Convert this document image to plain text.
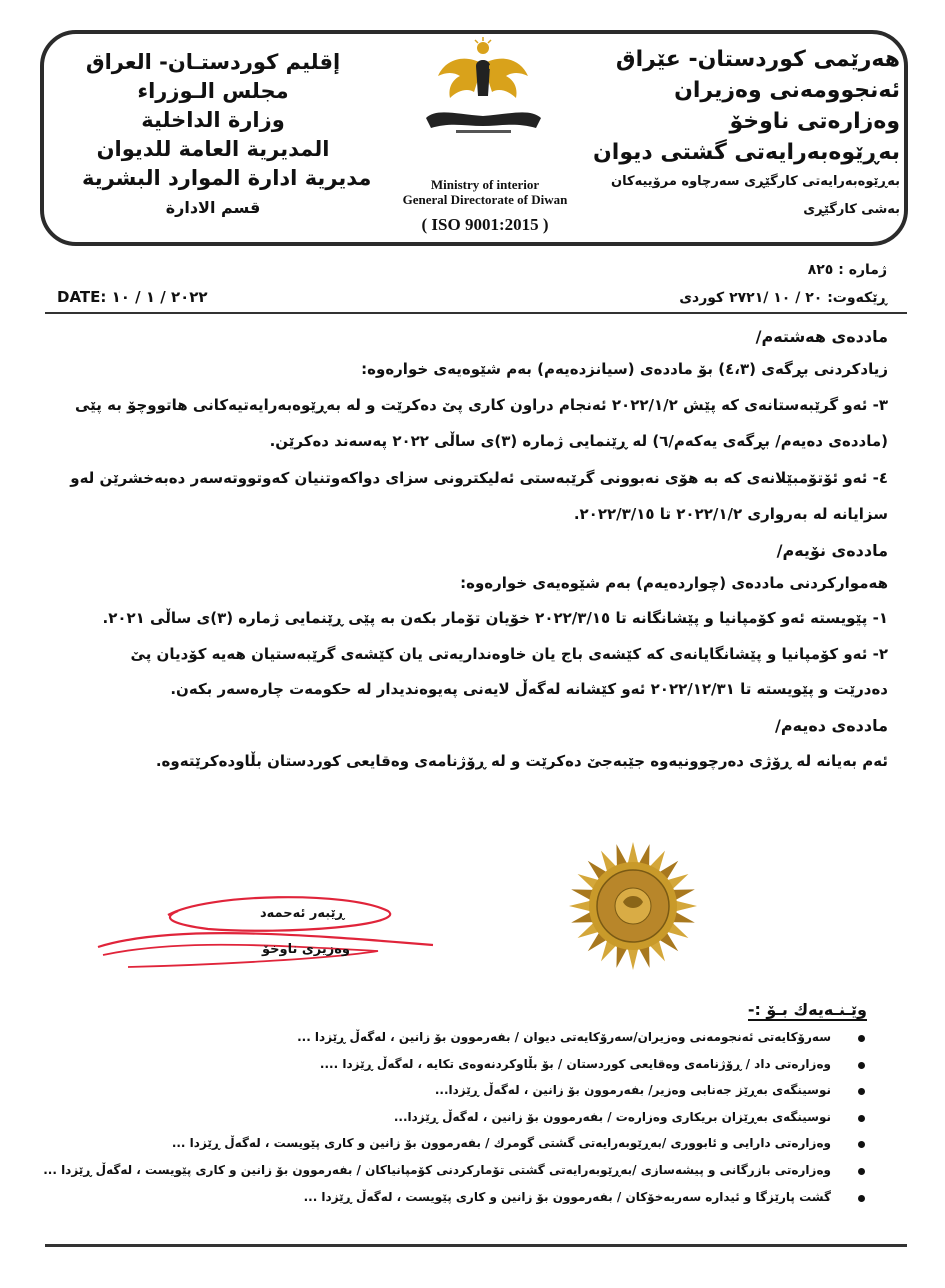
إقليم كوردستـان- العراق
مجلس الـوزراء
وزارة الداخلية
المديرية العامة للديوان
مديرية ادارة الموارد البشرية
قسم الادارة
هەرێمی كوردستان- عێراق
ئەنجوومەنی وەزیران
وەزارەتی ناوخۆ
بەڕێوەبەرایەتی گشتی دیوان
بەڕێوەبەرایەتی كارگێڕی سەرچاوە مرۆییەكان
بەشی كارگێڕی
Ministry of interior
General Directorate of Diwan
( ISO 9001:2015 )
ژمارە : ٨٢٥
ڕێكەوت: ٢٠ / ١٠ /٢٧٢١ كوردی
DATE: ٢٠٢٢ / ١ / ١٠
ماددەی هەشتەم/
زیادكردنی بڕگەی (٤،٣) بۆ ماددەی (سیانزدەیەم) بەم شێوەیەی خوارەوە:
٣- ئەو گرێبەستانەی كە پێش ٢٠٢٢/١/٢ ئەنجام دراون كاری پێ دەكرێت و لە بەڕێوەبەرایەتیەكانی هاتووچۆ بە پێی
(ماددەی دەیەم/ بڕگەی یەكەم/٦) لە ڕێنمایی ژمارە (٣)ی ساڵی ٢٠٢٢ پەسەند دەكرێن.
٤- ئەو ئۆتۆمبێلانەی كە بە هۆی نەبوونی گرێبەستی ئەلیكترونی سزای دواكەوتنیان كەوتووتەسەر دەبەخشرێن لەو
سزایانە لە بەرواری ٢٠٢٢/١/٢ تا ٢٠٢٢/٣/١٥.
ماددەی نۆیەم/
هەمواركردنی ماددەی (چواردەیەم) بەم شێوەیەی خوارەوە:
١- پێویستە ئەو كۆمپانیا و پێشانگانە تا ٢٠٢٢/٣/١٥ خۆیان تۆمار بكەن بە پێی ڕێنمایی ژمارە (٣)ی ساڵی ٢٠٢١.
٢- ئەو كۆمپانیا و پێشانگایانەی كە كێشەی باج یان خاوەنداریەتی یان كێشەی گرێبەستیان هەیە كۆدیان پێ
دەدرێت و پێویستە تا ٢٠٢٢/١٢/٣١ ئەو كێشانە لەگەڵ لایەنی پەیوەندیدار لە حكومەت چارەسەر بكەن.
ماددەی دەیەم/
ئەم بەیانە لە ڕۆژی دەرچوونیەوە جێبەجێ دەكرێت و لە ڕۆژنامەی وەقایعی كوردستان بڵاودەكرێتەوە.
ڕێبەر ئەحمەد
وەزیری ناوخۆ
وێـنـەیەك بـۆ :-
سەرۆكایەتی ئەنجومەنی وەزیران/سەرۆكایەتی دیوان / بفەرموون بۆ زانین ، لەگەڵ ڕێزدا ...
وەزارەتی داد / ڕۆژنامەی وەقایعی كوردستان / بۆ بڵاوكردنەوەی تكایە ، لەگەڵ ڕێزدا ....
نوسینگەی بەڕێز جەنابی وەزیر/ بفەرموون بۆ زانین ، لەگەڵ ڕێزدا...
نوسینگەی بەڕێزان بریكاری وەزارەت / بفەرموون بۆ زانین ، لەگەڵ ڕێزدا...
وەزارەتی دارایی و ئابووری /بەڕێوبەرایەتی گشتی گومرك / بفەرموون بۆ زانین و كاری پێویست ، لەگەڵ ڕێزدا ...
وەزارەتی بازرگانی و پیشەسازی /بەڕێوبەرایەتی گشتی تۆماركردنی كۆمپانیاكان / بفەرموون بۆ زانین و كاری پێویست ، لەگەڵ ڕێزدا ...
گشت پارێزگا و ئیدارە سەربەخۆكان / بفەرموون بۆ زانین و كاری پێویست ، لەگەڵ ڕێزدا ...
